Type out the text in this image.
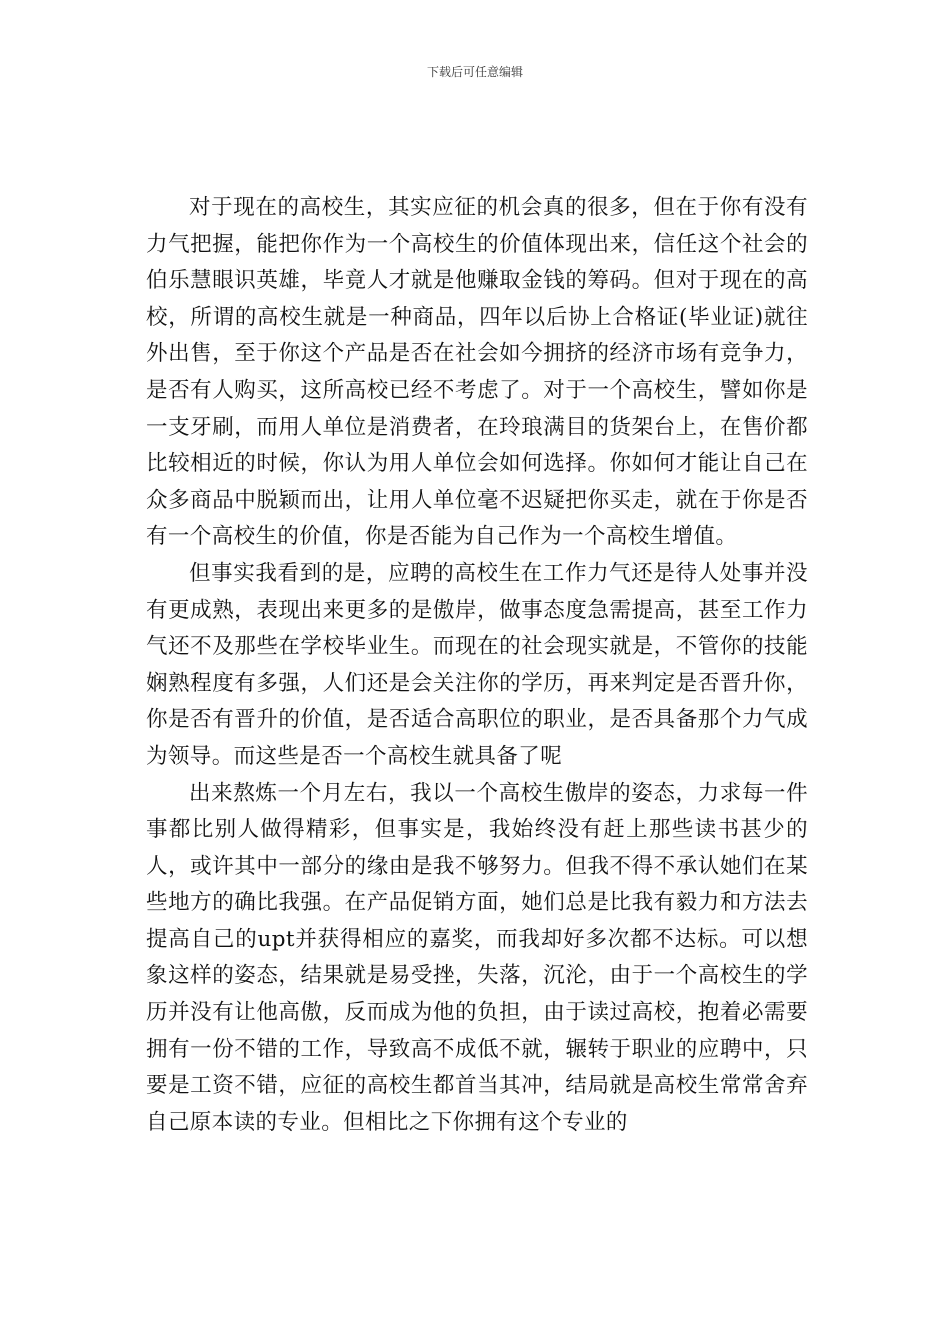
下载后可任意编辑

对于现在的高校生，其实应征的机会真的很多，但在于你有没有力气把握，能把你作为一个高校生的价值体现出来，信任这个社会的伯乐慧眼识英雄，毕竟人才就是他赚取金钱的筹码。但对于现在的高校，所谓的高校生就是一种商品，四年以后协上合格证(毕业证)就往外出售，至于你这个产品是否在社会如今拥挤的经济市场有竞争力，是否有人购买，这所高校已经不考虑了。对于一个高校生，譬如你是一支牙刷，而用人单位是消费者，在玲琅满目的货架台上，在售价都比较相近的时候，你认为用人单位会如何选择。你如何才能让自己在众多商品中脱颖而出，让用人单位毫不迟疑把你买走，就在于你是否有一个高校生的价值，你是否能为自己作为一个高校生增值。

但事实我看到的是，应聘的高校生在工作力气还是待人处事并没有更成熟，表现出来更多的是傲岸，做事态度急需提高，甚至工作力气还不及那些在学校毕业生。而现在的社会现实就是，不管你的技能娴熟程度有多强，人们还是会关注你的学历，再来判定是否晋升你，你是否有晋升的价值，是否适合高职位的职业，是否具备那个力气成为领导。而这些是否一个高校生就具备了呢

出来熬炼一个月左右，我以一个高校生傲岸的姿态，力求每一件事都比别人做得精彩，但事实是，我始终没有赶上那些读书甚少的人，或许其中一部分的缘由是我不够努力。但我不得不承认她们在某些地方的确比我强。在产品促销方面，她们总是比我有毅力和方法去提高自己的upt并获得相应的嘉奖，而我却好多次都不达标。可以想象这样的姿态，结果就是易受挫，失落，沉沦，由于一个高校生的学历并没有让他高傲，反而成为他的负担，由于读过高校，抱着必需要拥有一份不错的工作，导致高不成低不就，辗转于职业的应聘中，只要是工资不错，应征的高校生都首当其冲，结局就是高校生常常舍弃自己原本读的专业。但相比之下你拥有这个专业的
